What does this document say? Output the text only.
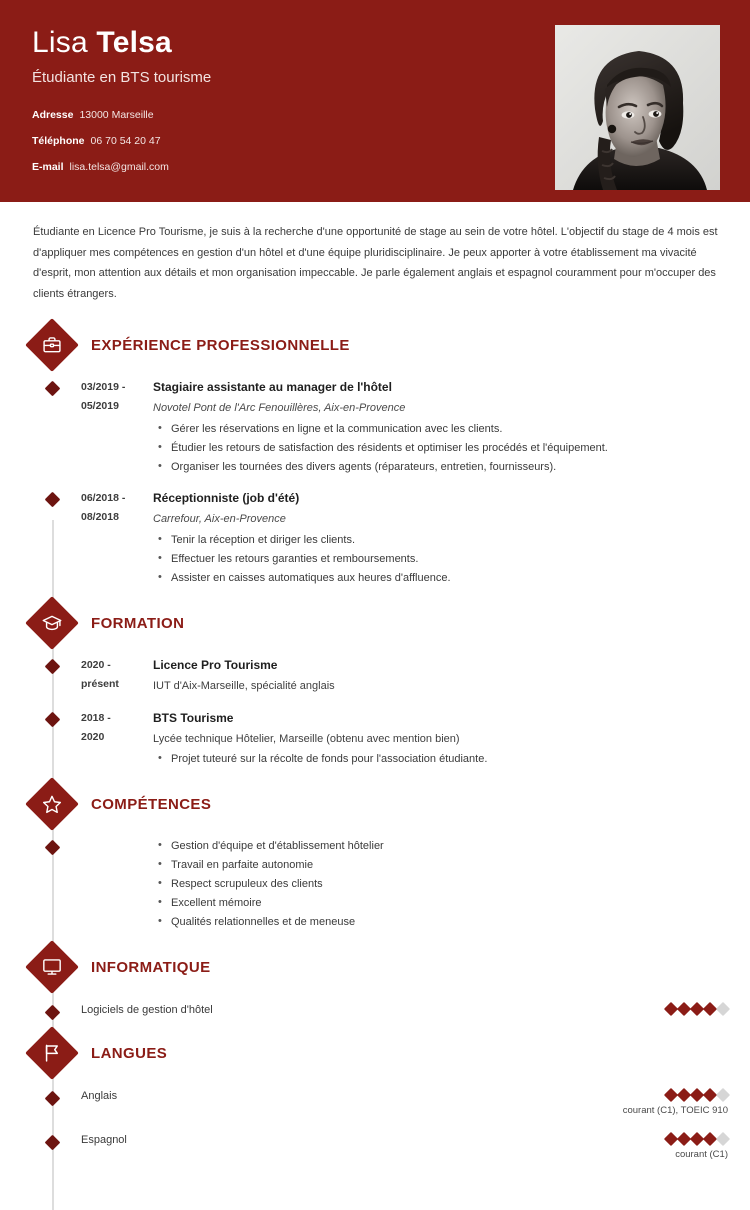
Lisa Telsa
Étudiante en BTS tourisme
Adresse 13000 Marseille
Téléphone 06 70 54 20 47
E-mail lisa.telsa@gmail.com

Étudiante en Licence Pro Tourisme, je suis à la recherche d'une opportunité de stage au sein de votre hôtel. L'objectif du stage de 4 mois est d'appliquer mes compétences en gestion d'un hôtel et d'une équipe pluridisciplinaire. Je peux apporter à votre établissement ma vivacité d'esprit, mon attention aux détails et mon organisation impeccable. Je parle également anglais et espagnol couramment pour m'occuper des clients étrangers.

EXPÉRIENCE PROFESSIONNELLE
03/2019 -
05/2019
Stagiaire assistante au manager de l'hôtel
Novotel Pont de l'Arc Fenouillères, Aix-en-Provence
• Gérer les réservations en ligne et la communication avec les clients.
• Étudier les retours de satisfaction des résidents et optimiser les procédés et l'équipement.
• Organiser les tournées des divers agents (réparateurs, entretien, fournisseurs).
06/2018 -
08/2018
Réceptionniste (job d'été)
Carrefour, Aix-en-Provence
• Tenir la réception et diriger les clients.
• Effectuer les retours garanties et remboursements.
• Assister en caisses automatiques aux heures d'affluence.
FORMATION
2020 -
présent
Licence Pro Tourisme
IUT d'Aix-Marseille, spécialité anglais
2018 -
2020
BTS Tourisme
Lycée technique Hôtelier, Marseille (obtenu avec mention bien)
• Projet tuteuré sur la récolte de fonds pour l'association étudiante.
COMPÉTENCES
• Gestion d'équipe et d'établissement hôtelier
• Travail en parfaite autonomie
• Respect scrupuleux des clients
• Excellent mémoire
• Qualités relationnelles et de meneuse
INFORMATIQUE
Logiciels de gestion d'hôtel
LANGUES
Anglais
courant (C1), TOEIC 910
Espagnol
courant (C1)
